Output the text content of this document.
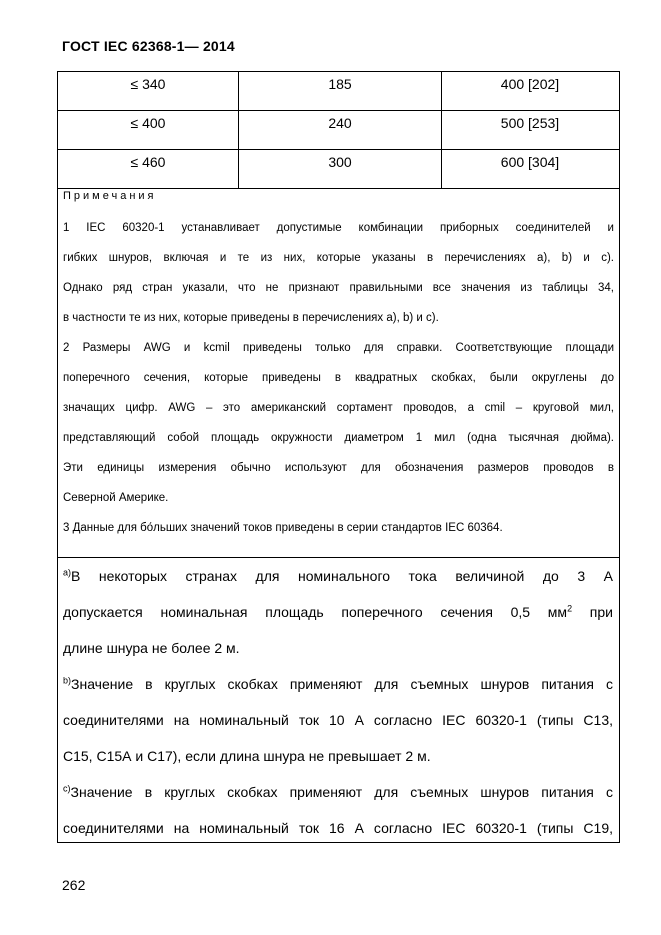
ГОСТ IEC 62368-1— 2014
≤ 340	185	400 [202]
≤ 400	240	500 [253]
≤ 460	300	600 [304]
Примечания

1 IEC 60320-1 устанавливает допустимые комбинации приборных соединителей и

гибких шнуров, включая и те из них, которые указаны в перечислениях а), b) и с).

Однако ряд стран указали, что не признают правильными все значения из таблицы 34,

в частности те из них, которые приведены в перечислениях а), b) и с).

2 Размеры AWG и kcmil приведены только для справки. Соответствующие площади

поперечного сечения, которые приведены в квадратных скобках, были округлены до

значащих цифр. AWG – это американский сортамент проводов, а cmil – круговой мил,

представляющий собой площадь окружности диаметром 1 мил (одна тысячная дюйма).

Эти единицы измерения обычно используют для обозначения размеров проводов в

Северной Америке.

3 Данные для бо́льших значений токов приведены в серии стандартов IEC 60364.

$^{a)}$В некоторых странах для номинального тока величиной до 3 А

допускается номинальная площадь поперечного сечения 0,5 $мм^2$ при

длине шнура не более 2 м.

$^{b)}$Значение в круглых скобках применяют для съемных шнуров питания с

соединителями на номинальный ток 10 А согласно IEC 60320-1 (типы С13,

С15, С15А и С17), если длина шнура не превышает 2 м.

$^{c)}$Значение в круглых скобках применяют для съемных шнуров питания с

соединителями на номинальный ток 16 А согласно IEC 60320-1 (типы С19,

262
